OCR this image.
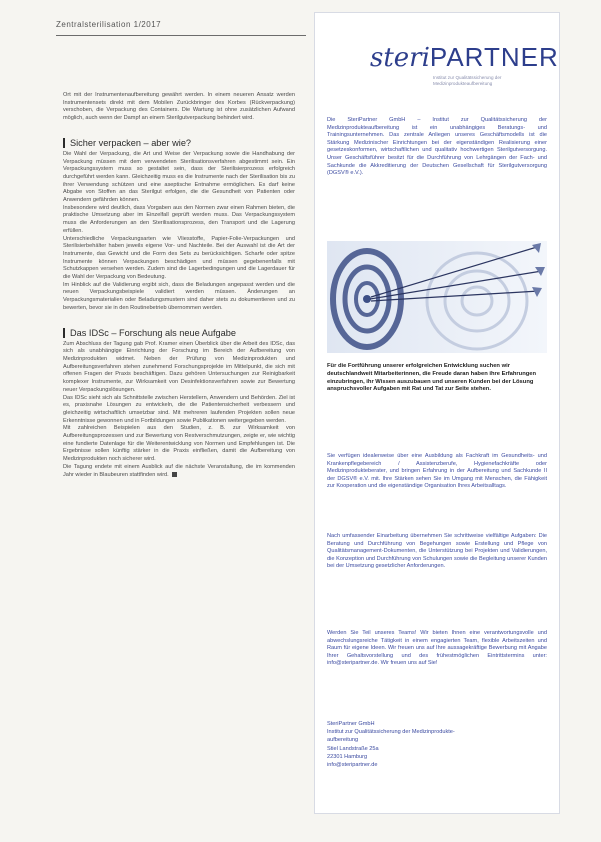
Zentralsterilisation 1/2017

Ort mit der Instrumentenaufbereitung gewährt werden. In einem neueren Ansatz werden Instrumentensets direkt mit dem Mobilen Zurückbringer des Korbes (Rückverpackung) verschoben, die Verpackung des Containers. Die Wartung ist ohne zusätzlichen Aufwand möglich, auch wenn der Dampf an einem Sterilgutverpackung behindert wird.

Sicher verpacken – aber wie?

Die Wahl der Verpackung, die Art und Weise der Verpackung sowie die Handhabung der Verpackung müssen mit dem verwendeten Sterilisationsverfahren abgestimmt sein. Ein Verpackungssystem muss so gestaltet sein, dass der Sterilisierprozess erfolgreich durchgeführt werden kann. Gleichzeitig muss es die Instrumente nach der Sterilisation bis zu ihrer Verwendung schützen und eine aseptische Entnahme ermöglichen. Es darf keine Abgabe von Stoffen an das Sterilgut erfolgen, die die Gesundheit von Patienten oder Anwendern gefährden können.

Insbesondere wird deutlich, dass Vorgaben aus den Normen zwar einen Rahmen bieten, die praktische Umsetzung aber im Einzelfall geprüft werden muss. Das Verpackungssystem muss die Anforderungen an den Sterilisationsprozess, den Transport und die Lagerung erfüllen.

Unterschiedliche Verpackungsarten wie Vliesstoffe, Papier-Folie-Verpackungen und Sterilisierbehälter haben jeweils eigene Vor- und Nachteile. Bei der Auswahl ist die Art der Instrumente, das Gewicht und die Form des Sets zu berücksichtigen. Scharfe oder spitze Instrumente können Verpackungen beschädigen und müssen gegebenenfalls mit Schutzkappen versehen werden. Zudem sind die Lagerbedingungen und die Lagerdauer für die Wahl der Verpackung von Bedeutung.

Im Hinblick auf die Validierung ergibt sich, dass die Beladungen angepasst werden und die neuen Verpackungsbeispiele validiert werden müssen. Änderungen an Verpackungsmaterialien oder Beladungsmustern sind daher stets zu dokumentieren und zu bewerten, bevor sie in den Routinebetrieb übernommen werden.

Das IDSc – Forschung als neue Aufgabe

Zum Abschluss der Tagung gab Prof. Kramer einen Überblick über die Arbeit des IDSc, das sich als unabhängige Einrichtung der Forschung im Bereich der Aufbereitung von Medizinprodukten widmet. Neben der Prüfung von Medizinprodukten und Aufbereitungsverfahren stehen zunehmend Forschungsprojekte im Mittelpunkt, die sich mit offenen Fragen der Praxis beschäftigen. Dazu gehören Untersuchungen zur Reinigbarkeit komplexer Instrumente, zur Wirksamkeit von Desinfektionsverfahren sowie zur Bewertung neuer Verpackungslösungen.

Das IDSc sieht sich als Schnittstelle zwischen Herstellern, Anwendern und Behörden. Ziel ist es, praxisnahe Lösungen zu entwickeln, die die Patientensicherheit verbessern und gleichzeitig wirtschaftlich umsetzbar sind. Mit mehreren laufenden Projekten sollen neue Erkenntnisse gewonnen und in Fortbildungen sowie Publikationen weitergegeben werden.

Mit zahlreichen Beispielen aus den Studien, z. B. zur Wirksamkeit von Aufbereitungsprozessen und zur Bewertung von Restverschmutzungen, zeigte er, wie wichtig eine fundierte Datenlage für die Weiterentwicklung von Normen und Empfehlungen ist. Die Ergebnisse sollen künftig stärker in die Praxis einfließen, damit die Aufbereitung von Medizinprodukten noch sicherer wird.

Die Tagung endete mit einem Ausblick auf die nächste Veranstaltung, die im kommenden Jahr wieder in Blaubeuren stattfinden wird.

steriPARTNER
Institut zur Qualitätssicherung der Medizinprodukteaufbereitung
Die SteriPartner GmbH – Institut zur Qualitätssicherung der Medizinprodukteaufbereitung ist ein unabhängiges Beratungs- und Trainingsunternehmen. Das zentrale Anliegen unseres Geschäftsmodells ist die Stärkung Medizinischer Einrichtungen bei der eigenständigen Realisierung einer gesetzeskonformen, wirtschaftlichen und qualitativ hochwertigen Sterilgutversorgung. Unser Geschäftsführer besitzt für die Durchführung von Lehrgängen der Fach- und Sachkunde die Akkreditierung der Deutschen Gesellschaft für Sterilgutversorgung (DGSV® e.V.).
Für die Fortführung unserer erfolgreichen Entwicklung suchen wir deutschlandweit Mitarbeiterinnen, die Freude daran haben ihre Erfahrungen einzubringen, ihr Wissen auszubauen und unseren Kunden bei der Lösung anspruchsvoller Aufgaben mit Rat und Tat zur Seite stehen.
Sie verfügen idealerweise über eine Ausbildung als Fachkraft im Gesundheits- und Krankenpflegebereich / Assistenzberufe, Hygienefachkräfte oder Medizinprodukteberater, und bringen Erfahrung in der Aufbereitung und Sachkunde II der DGSV® e.V. mit. Ihre Stärken sehen Sie im Umgang mit Menschen, die Fähigkeit zur Kooperation und die eigenständige Organisation Ihres Arbeitsalltags.
Nach umfassender Einarbeitung übernehmen Sie schrittweise vielfältige Aufgaben: Die Beratung und Durchführung von Begehungen sowie Erstellung und Pflege von Qualitätsmanagement-Dokumenten, die Unterstützung bei Projekten und Validierungen, die Konzeption und Durchführung von Schulungen sowie die Begleitung unserer Kunden bei der Umsetzung gesetzlicher Anforderungen.
Werden Sie Teil unseres Teams! Wir bieten Ihnen eine verantwortungsvolle und abwechslungsreiche Tätigkeit in einem engagierten Team, flexible Arbeitszeiten und Raum für eigene Ideen. Wir freuen uns auf Ihre aussagekräftige Bewerbung mit Angabe Ihrer Gehaltsvorstellung und des frühestmöglichen Eintrittstermins unter: info@steripartner.de. Wir freuen uns auf Sie!
SteriPartner GmbH
Institut zur Qualitätssicherung der Medizinprodukte-
aufbereitung
Stiel Landstraße 25a
22301 Hamburg
info@steripartner.de
